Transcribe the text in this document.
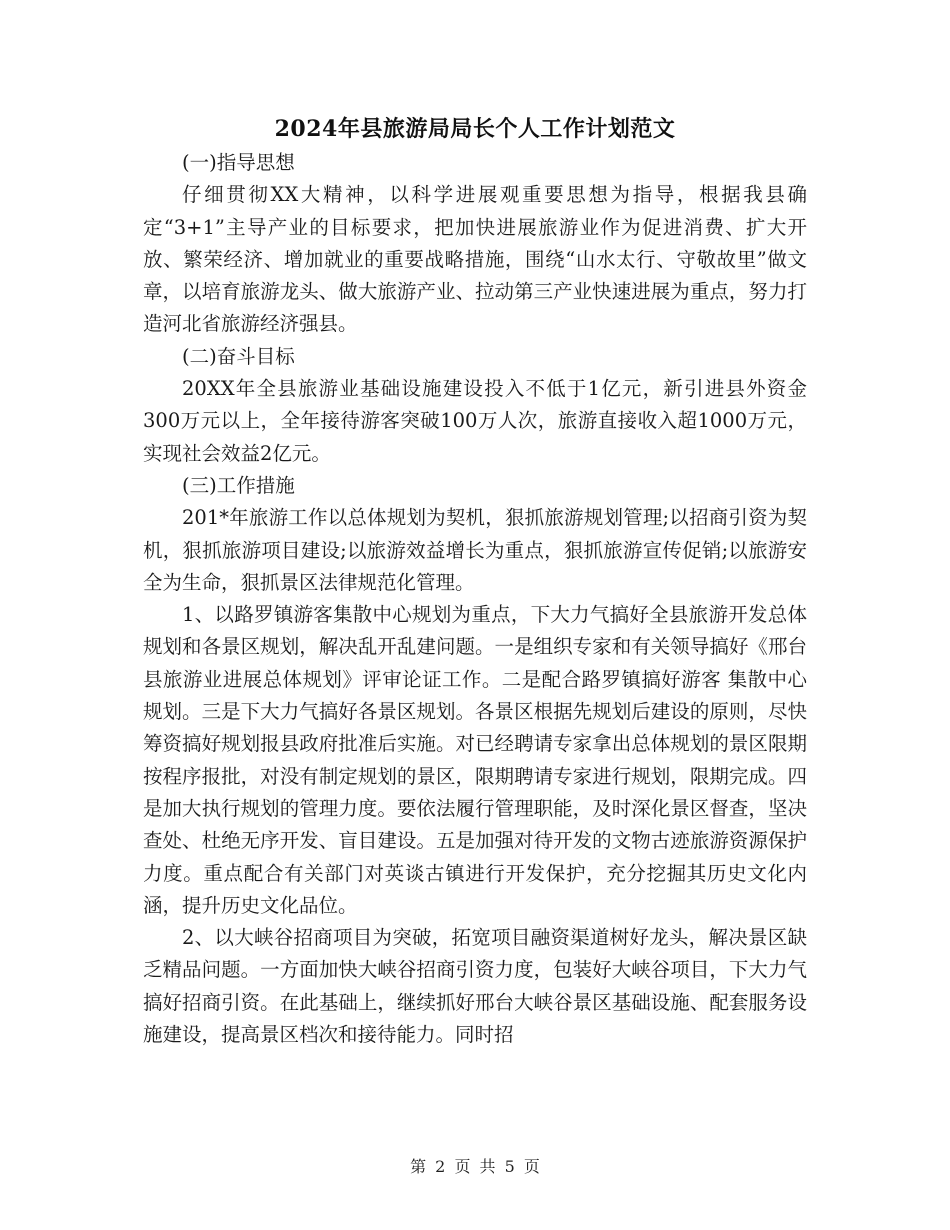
2024年县旅游局局长个人工作计划范文

(一)指导思想

仔细贯彻XX大精神，以科学进展观重要思想为指导，根据我县确定“3+1”主导产业的目标要求，把加快进展旅游业作为促进消费、扩大开放、繁荣经济、增加就业的重要战略措施，围绕“山水太行、守敬故里”做文章，以培育旅游龙头、做大旅游产业、拉动第三产业快速进展为重点，努力打造河北省旅游经济强县。

(二)奋斗目标

20XX年全县旅游业基础设施建设投入不低于1亿元，新引进县外资金300万元以上，全年接待游客突破100万人次，旅游直接收入超1000万元，实现社会效益2亿元。

(三)工作措施

201*年旅游工作以总体规划为契机，狠抓旅游规划管理;以招商引资为契机，狠抓旅游项目建设;以旅游效益增长为重点，狠抓旅游宣传促销;以旅游安全为生命，狠抓景区法律规范化管理。

1、以路罗镇游客集散中心规划为重点，下大力气搞好全县旅游开发总体规划和各景区规划，解决乱开乱建问题。一是组织专家和有关领导搞好《邢台县旅游业进展总体规划》评审论证工作。二是配合路罗镇搞好游客 集散中心规划。三是下大力气搞好各景区规划。各景区根据先规划后建设的原则，尽快筹资搞好规划报县政府批准后实施。对已经聘请专家拿出总体规划的景区限期按程序报批，对没有制定规划的景区，限期聘请专家进行规划，限期完成。四是加大执行规划的管理力度。要依法履行管理职能，及时深化景区督查，坚决查处、杜绝无序开发、盲目建设。五是加强对待开发的文物古迹旅游资源保护力度。重点配合有关部门对英谈古镇进行开发保护，充分挖掘其历史文化内涵，提升历史文化品位。

2、以大峡谷招商项目为突破，拓宽项目融资渠道树好龙头，解决景区缺乏精品问题。一方面加快大峡谷招商引资力度，包装好大峡谷项目，下大力气搞好招商引资。在此基础上，继续抓好邢台大峡谷景区基础设施、配套服务设施建设，提高景区档次和接待能力。同时招

第 2 页 共 5 页
